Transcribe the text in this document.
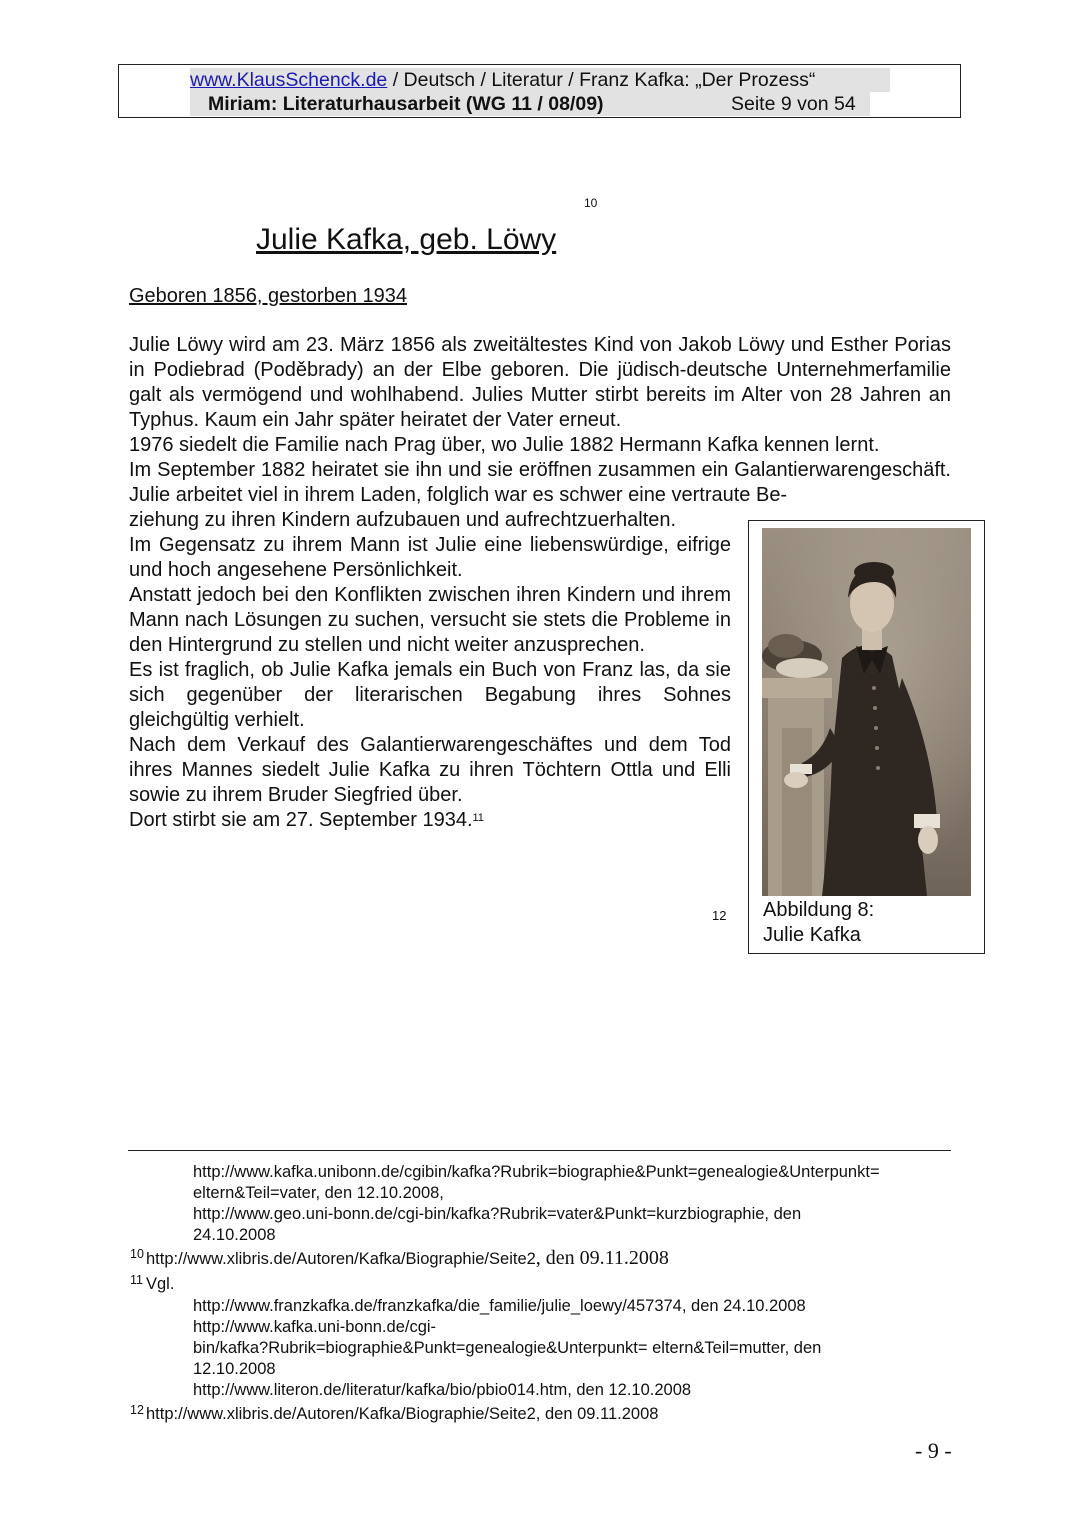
www.KlausSchenck.de / Deutsch / Literatur / Franz Kafka: „Der Prozess“
Miriam: Literaturhausarbeit (WG 11 / 08/09)	Seite 9 von 54
10
Julie Kafka, geb. Löwy
Geboren 1856, gestorben 1934

Julie Löwy wird am 23. März 1856 als zweitältestes Kind von Jakob Löwy und Esther Porias in Podiebrad (Poděbrady) an der Elbe geboren. Die jüdisch-deutsche Unternehmerfamilie galt als vermögend und wohlhabend. Julies Mutter stirbt bereits im Alter von 28 Jahren an Typhus. Kaum ein Jahr später heiratet der Vater erneut.

1976 siedelt die Familie nach Prag über, wo Julie 1882 Hermann Kafka kennen lernt.

Im September 1882 heiratet sie ihn und sie eröffnen zusammen ein Galantierwarengeschäft. Julie arbeitet viel in ihrem Laden, folglich war es schwer eine vertraute Be-

ziehung zu ihren Kindern aufzubauen und aufrechtzuerhalten.

Im Gegensatz zu ihrem Mann ist Julie eine liebenswürdige, eifrige und hoch angesehene Persönlichkeit.

Anstatt jedoch bei den Konflikten zwischen ihren Kindern und ihrem Mann nach Lösungen zu suchen, versucht sie stets die Probleme in den Hintergrund zu stellen und nicht weiter anzusprechen.

Es ist fraglich, ob Julie Kafka jemals ein Buch von Franz las, da sie sich gegenüber der literarischen Begabung ihres Sohnes gleichgültig verhielt.

Nach dem Verkauf des Galantierwarengeschäftes und dem Tod ihres Mannes siedelt Julie Kafka zu ihren Töchtern Ottla und Elli sowie zu ihrem Bruder Siegfried über.

Dort stirbt sie am 27. September 1934.11

12 Abbildung 8:
Julie Kafka
http://www.kafka.unibonn.de/cgibin/kafka?Rubrik=biographie&Punkt=genealogie&Unterpunkt=
eltern&Teil=vater, den 12.10.2008,
http://www.geo.uni-bonn.de/cgi-bin/kafka?Rubrik=vater&Punkt=kurzbiographie, den
24.10.2008
10 http://www.xlibris.de/Autoren/Kafka/Biographie/Seite2, den 09.11.2008
11 Vgl.
http://www.franzkafka.de/franzkafka/die_familie/julie_loewy/457374, den 24.10.2008
http://www.kafka.uni-bonn.de/cgi-
bin/kafka?Rubrik=biographie&Punkt=genealogie&Unterpunkt= eltern&Teil=mutter, den
12.10.2008
http://www.literon.de/literatur/kafka/bio/pbio014.htm, den 12.10.2008
12 http://www.xlibris.de/Autoren/Kafka/Biographie/Seite2, den 09.11.2008
- 9 -
